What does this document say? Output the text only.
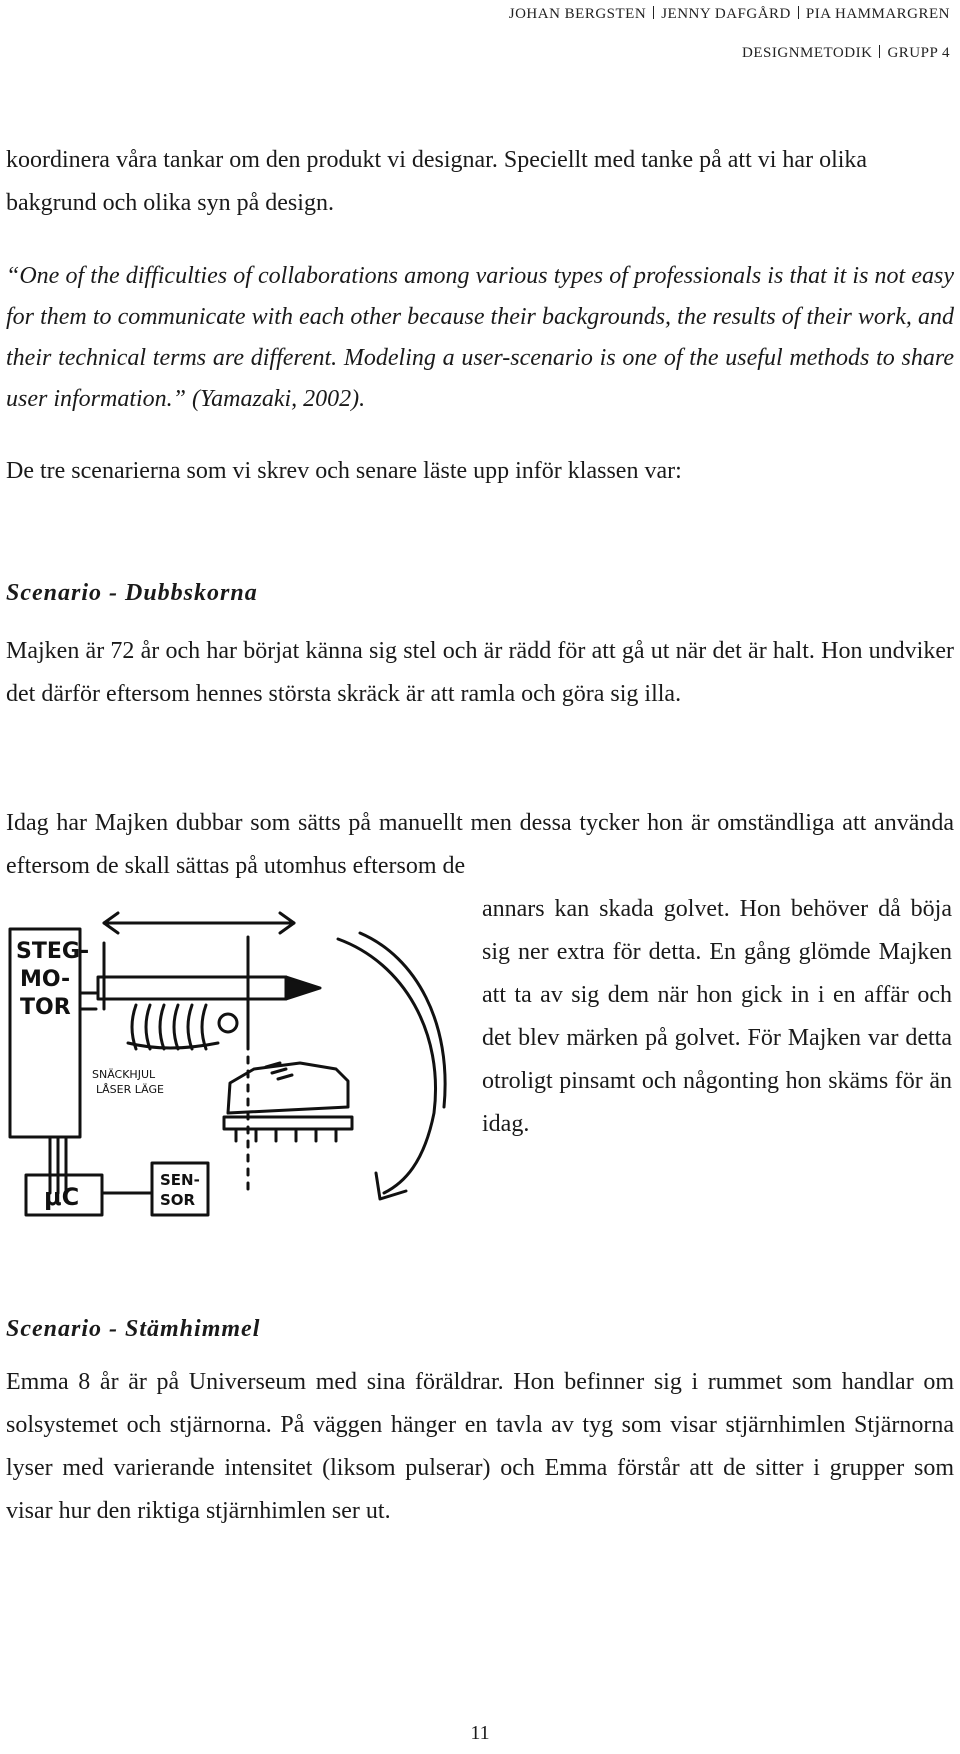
JOHAN BERGSTEN JENNY DAFGÅRD PIA HAMMARGREN
DESIGNMETODIK GRUPP 4

koordinera våra tankar om den produkt vi designar. Speciellt med tanke på att vi har olika bakgrund och olika syn på design.

“One of the difficulties of collaborations among various types of professionals is that it is not easy for them to communicate with each other because their backgrounds, the results of their work, and their technical terms are different. Modeling a user-scenario is one of the useful methods to share user information.” (Yamazaki, 2002).

De tre scenarierna som vi skrev och senare läste upp inför klassen var:

Scenario - Dubbskorna

Majken är 72 år och har börjat känna sig stel och är rädd för att gå ut när det är halt. Hon undviker det därför eftersom hennes största skräck är att ramla och göra sig illa.

Idag har Majken dubbar som sätts på manuellt men dessa tycker hon är omständliga att använda eftersom de skall sättas på utomhus eftersom de

annars kan skada golvet. Hon behöver då böja sig ner extra för detta. En gång glömde Majken att ta av sig dem när hon gick in i en affär och det blev märken på golvet. För Majken var detta otroligt pinsamt och någonting hon skäms för än idag.

STEG-
MO-
TOR
SNÄCKHJUL
LÅSER LÄGE
μC
SEN-
SOR
Scenario - Stämhimmel

Emma 8 år är på Universeum med sina föräldrar. Hon befinner sig i rummet som handlar om solsystemet och stjärnorna. På väggen hänger en tavla av tyg som visar stjärnhimlen Stjärnorna lyser med varierande intensitet (liksom pulserar) och Emma förstår att de sitter i grupper som visar hur den riktiga stjärnhimlen ser ut.

11
